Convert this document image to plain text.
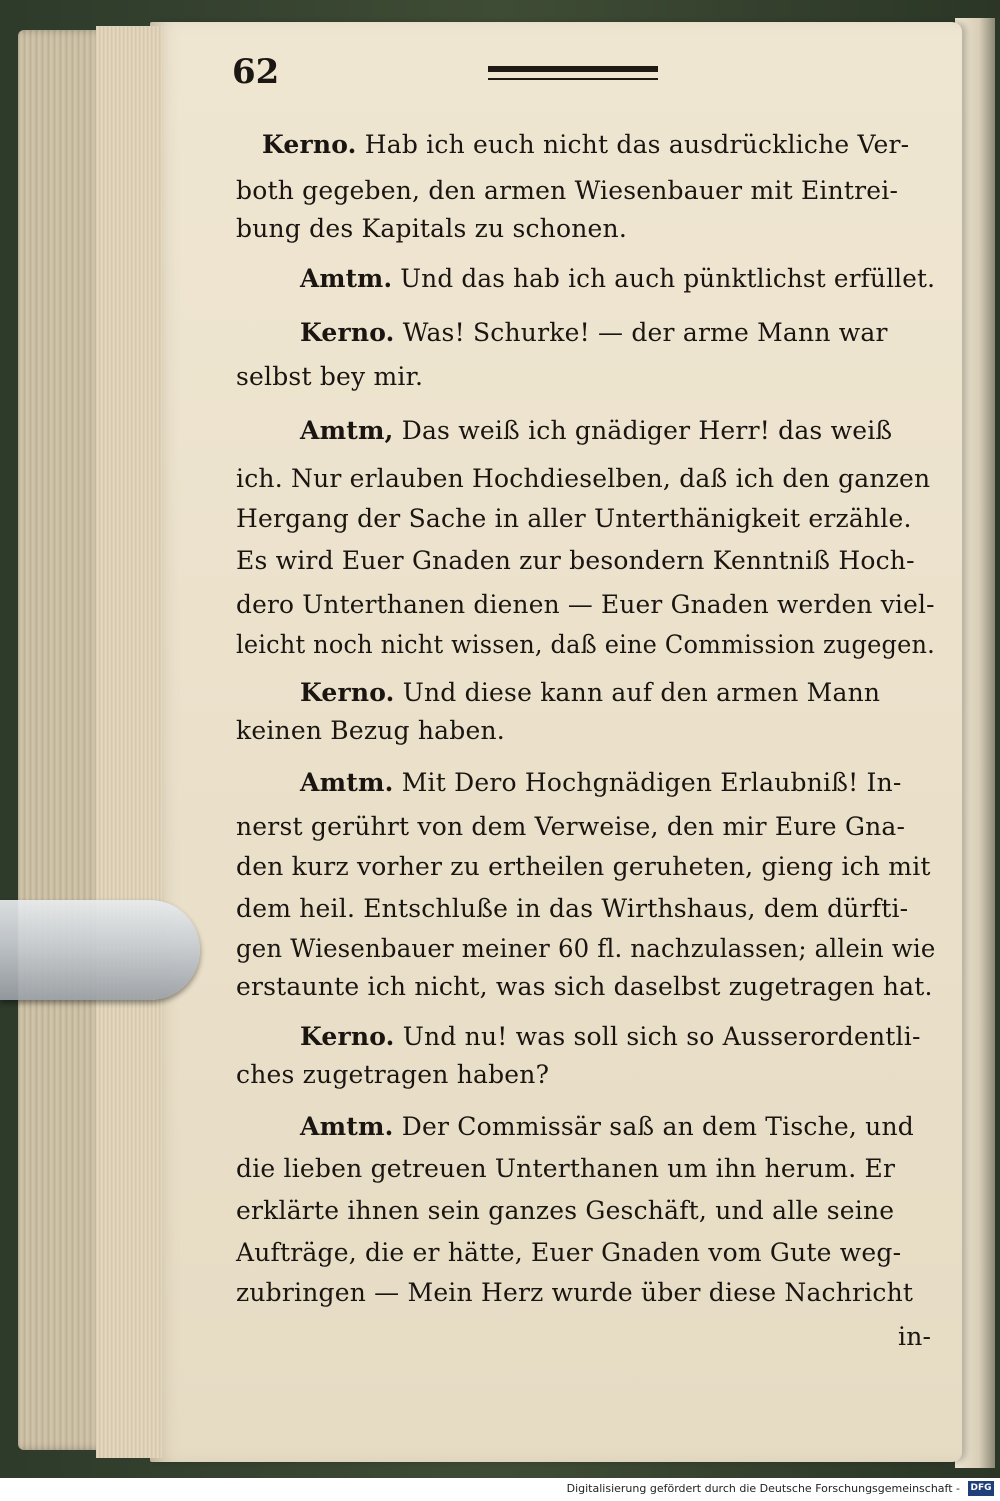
62
Kerno. Hab ich euch nicht das ausdrückliche Ver-
both gegeben, den armen Wiesenbauer mit Eintrei-
bung des Kapitals zu schonen.
Amtm. Und das hab ich auch pünktlichst erfüllet.
Kerno. Was! Schurke! — der arme Mann war
selbst bey mir.
Amtm, Das weiß ich gnädiger Herr! das weiß
ich. Nur erlauben Hochdieselben, daß ich den ganzen
Hergang der Sache in aller Unterthänigkeit erzähle.
Es wird Euer Gnaden zur besondern Kenntniß Hoch-
dero Unterthanen dienen — Euer Gnaden werden viel-
leicht noch nicht wissen, daß eine Commission zugegen.
Kerno. Und diese kann auf den armen Mann
keinen Bezug haben.
Amtm. Mit Dero Hochgnädigen Erlaubniß! In-
nerst gerührt von dem Verweise, den mir Eure Gna-
den kurz vorher zu ertheilen geruheten, gieng ich mit
dem heil. Entschluße in das Wirthshaus, dem dürfti-
gen Wiesenbauer meiner 60 fl. nachzulassen; allein wie
erstaunte ich nicht, was sich daselbst zugetragen hat.
Kerno. Und nu! was soll sich so Ausserordentli-
ches zugetragen haben?
Amtm. Der Commissär saß an dem Tische, und
die lieben getreuen Unterthanen um ihn herum. Er
erklärte ihnen sein ganzes Geschäft, und alle seine
Aufträge, die er hätte, Euer Gnaden vom Gute weg-
zubringen — Mein Herz wurde über diese Nachricht
in-
Digitalisierung gefördert durch die Deutsche Forschungsgemeinschaft - DFG
